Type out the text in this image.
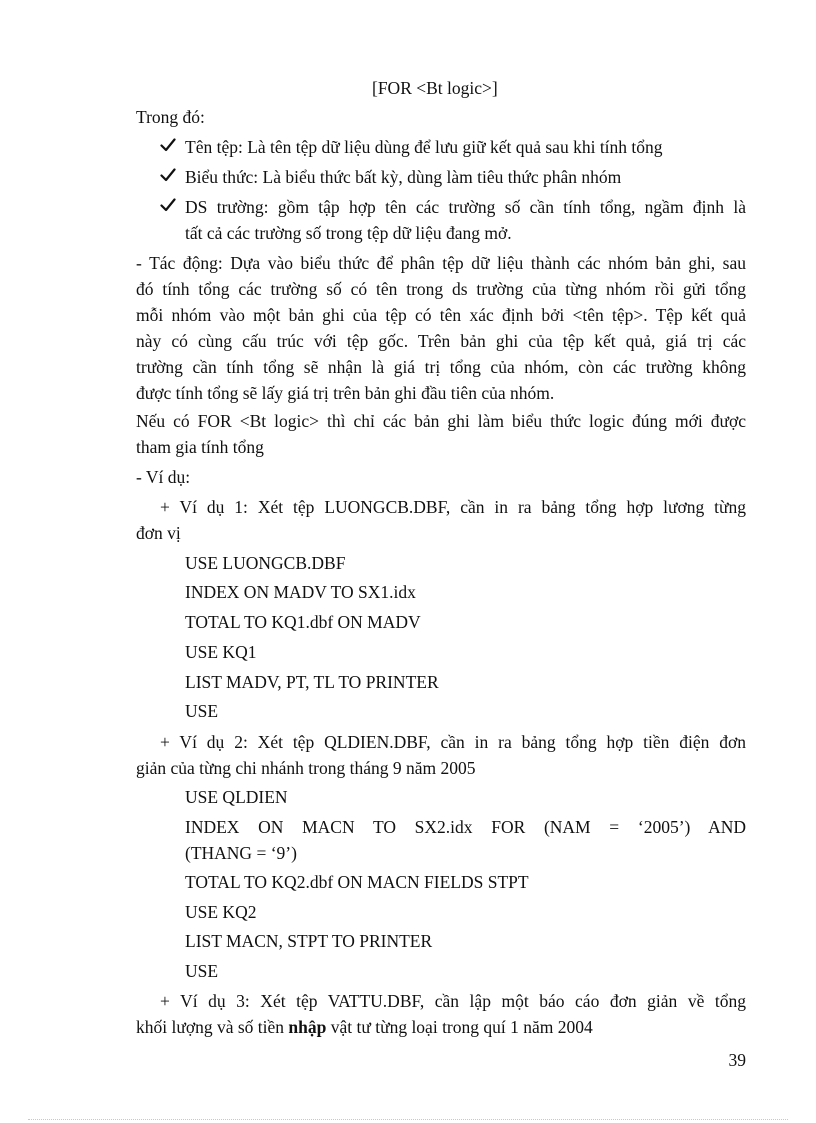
[FOR <Bt logic>]
Trong đó:
Tên tệp: Là tên tệp dữ liệu dùng để lưu giữ kết quả sau khi tính tổng
Biểu thức: Là biểu thức bất kỳ, dùng làm tiêu thức phân nhóm
DS trường: gồm tập hợp tên các trường số cần tính tổng, ngầm định là
tất cả các trường số trong tệp dữ liệu đang mở.
- Tác động: Dựa vào biểu thức để phân tệp dữ liệu thành các nhóm bản ghi, sau
đó tính tổng các trường số có tên trong ds trường của từng nhóm rồi gửi tổng
mỗi nhóm vào một bản ghi của tệp có tên xác định bởi <tên tệp>. Tệp kết quả
này có cùng cấu trúc với tệp gốc. Trên bản ghi của tệp kết quả, giá trị các
trường cần tính tổng sẽ nhận là giá trị tổng của nhóm, còn các trường không
được tính tổng sẽ lấy giá trị trên bản ghi đầu tiên của nhóm.
Nếu có FOR <Bt logic> thì chỉ các bản ghi làm biểu thức logic đúng mới được
tham gia tính tổng
- Ví dụ:
+ Ví dụ 1: Xét tệp LUONGCB.DBF, cần in ra bảng tổng hợp lương từng
đơn vị
USE LUONGCB.DBF
INDEX ON MADV TO SX1.idx
TOTAL TO KQ1.dbf ON MADV
USE KQ1
LIST MADV, PT, TL TO PRINTER
USE
+ Ví dụ 2: Xét tệp QLDIEN.DBF, cần in ra bảng tổng hợp tiền điện đơn
giản của từng chi nhánh trong tháng 9 năm 2005
USE QLDIEN
INDEX ON MACN TO SX2.idx FOR (NAM = ‘2005’) AND
(THANG = ‘9’)
TOTAL TO KQ2.dbf ON MACN FIELDS STPT
USE KQ2
LIST MACN, STPT TO PRINTER
USE
+ Ví dụ 3: Xét tệp VATTU.DBF, cần lập một báo cáo đơn giản về tổng
khối lượng và số tiền nhập vật tư từng loại trong quí 1 năm 2004
39
